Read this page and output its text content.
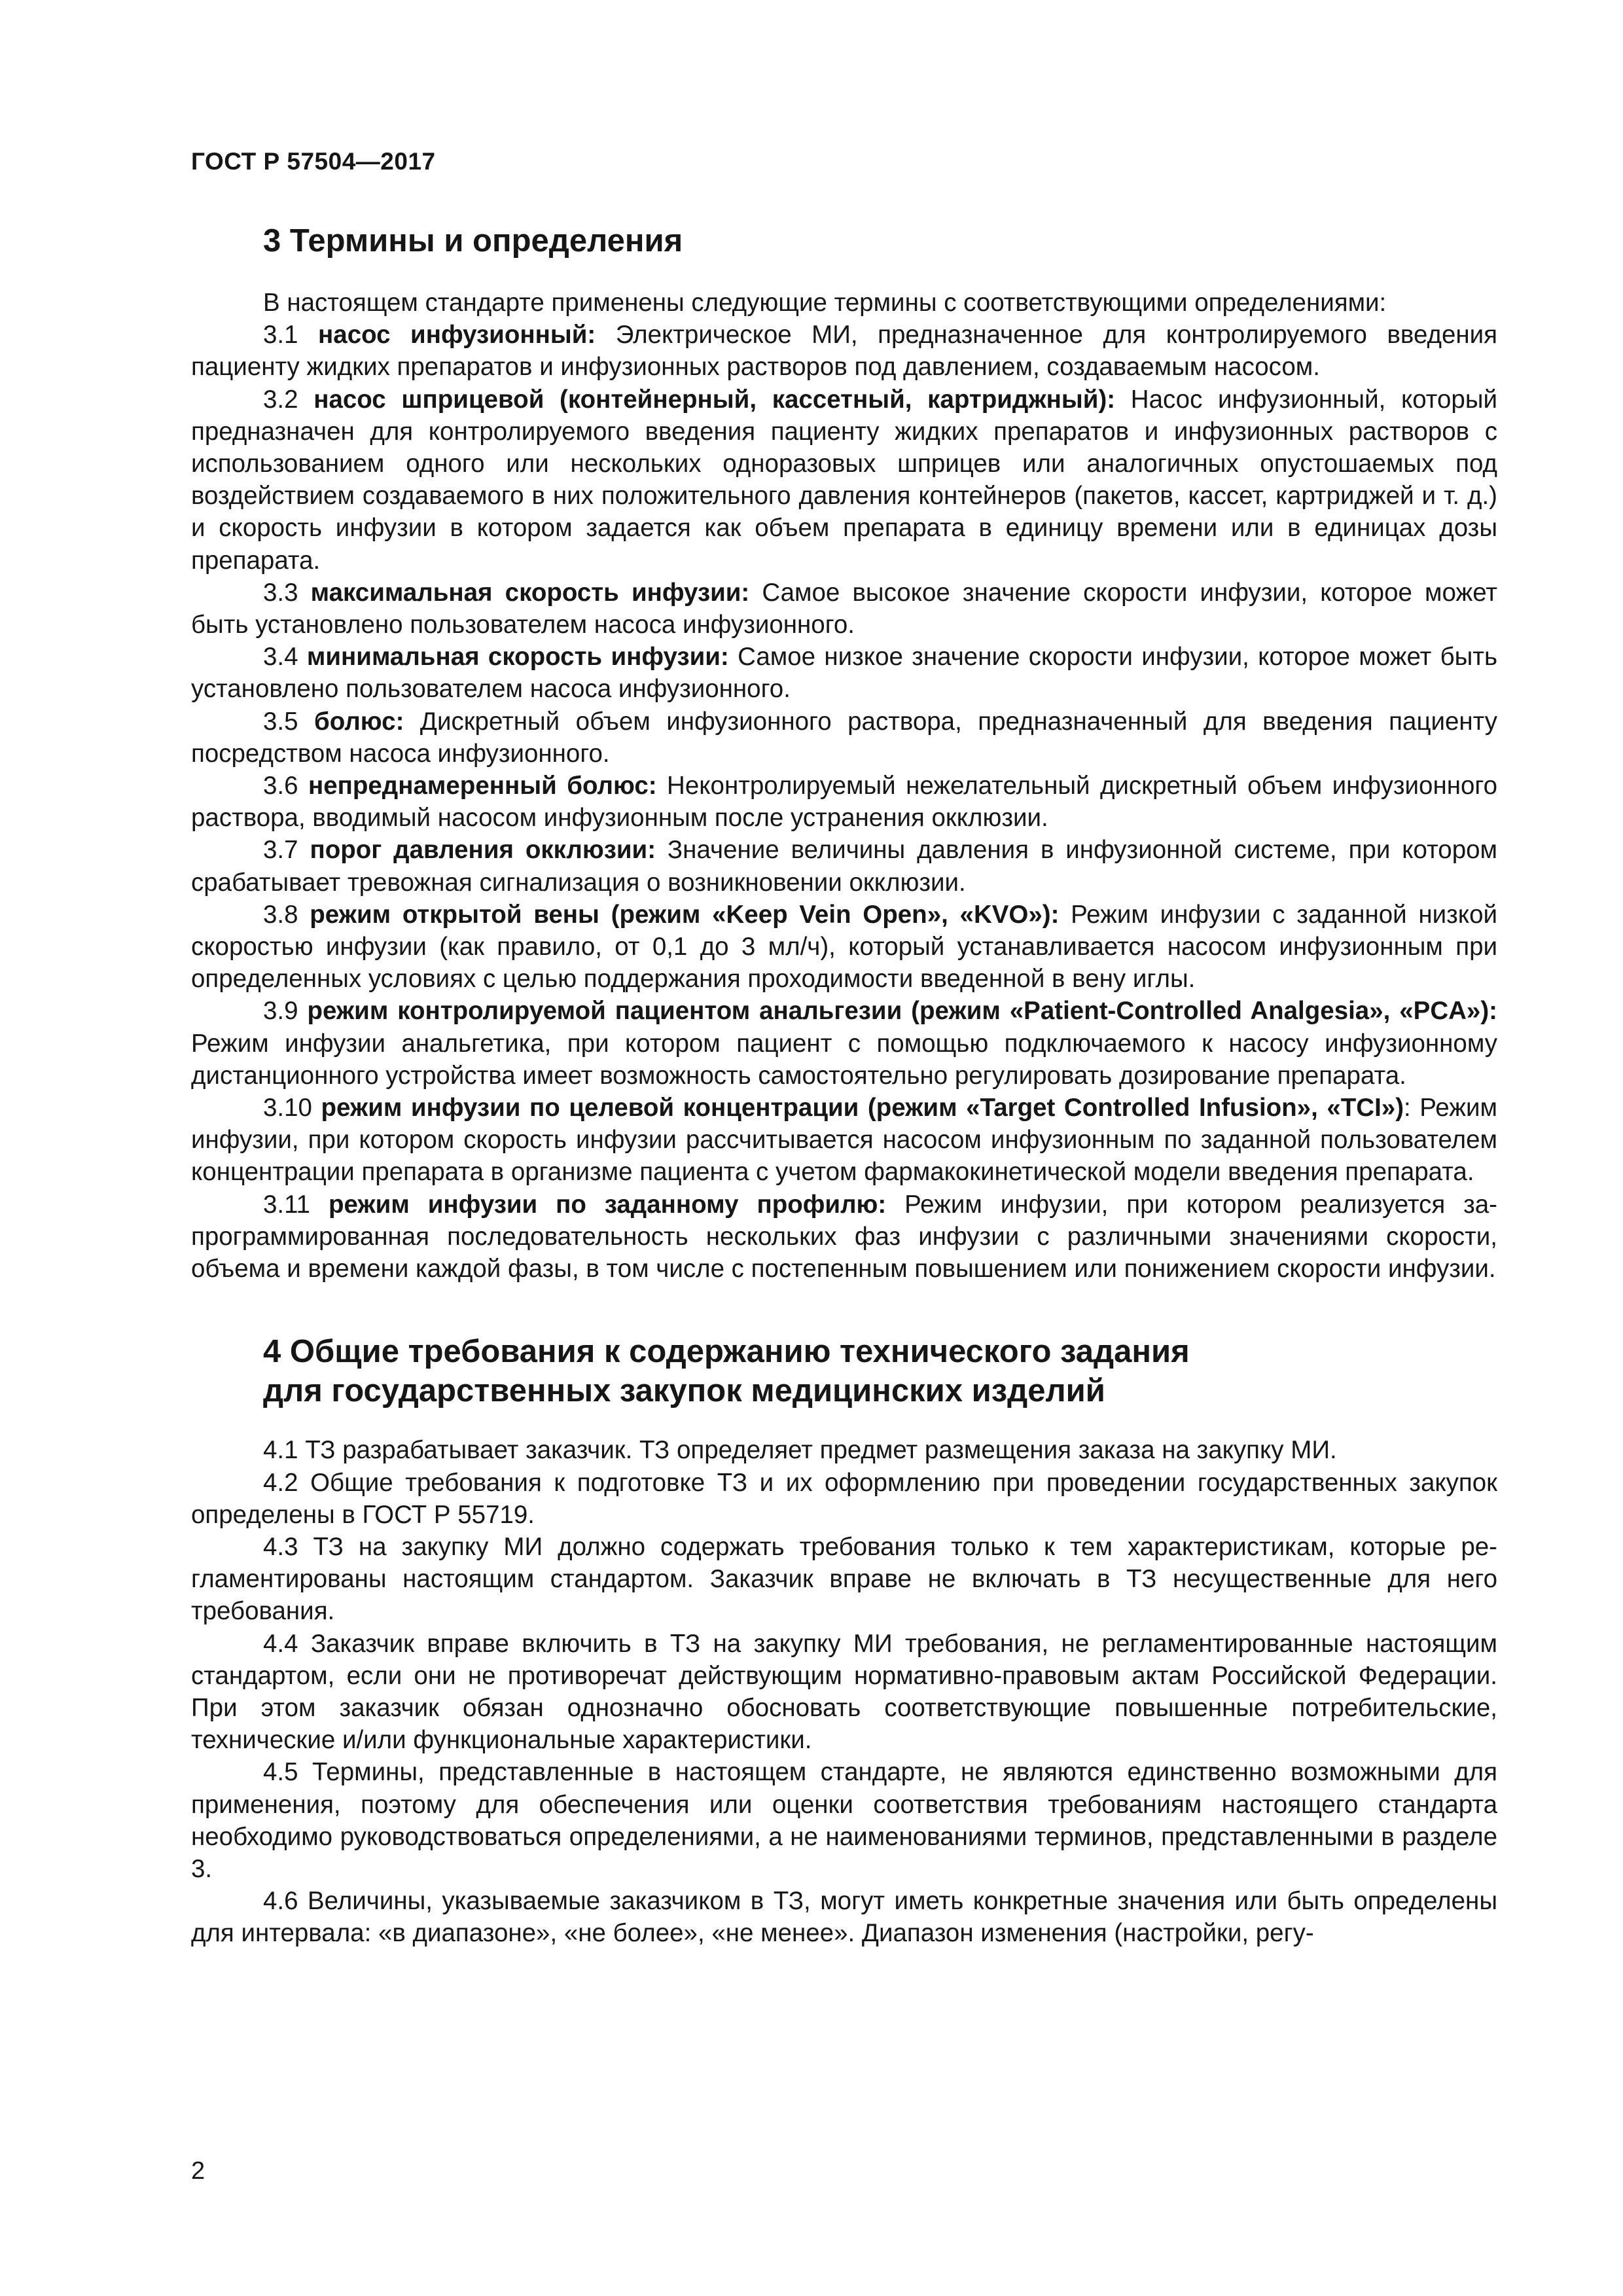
ГОСТ Р 57504—2017

3 Термины и определения

В настоящем стандарте применены следующие термины с соответствующими определениями:

3.1 насос инфузионный: Электрическое МИ, предназначенное для контролируемого введения пациенту жидких препаратов и инфузионных растворов под давлением, создаваемым насосом.

3.2 насос шприцевой (контейнерный, кассетный, картриджный): Насос инфузионный, который предназначен для контролируемого введения пациенту жидких препаратов и инфузионных растворов с использованием одного или нескольких одноразовых шприцев или аналогичных опустошаемых под воздействием создаваемого в них положительного давления контейнеров (пакетов, кассет, картриджей и т. д.) и скорость инфузии в котором задается как объем препарата в единицу времени или в единицах дозы препарата.

3.3 максимальная скорость инфузии: Самое высокое значение скорости инфузии, которое может быть установлено пользователем насоса инфузионного.

3.4 минимальная скорость инфузии: Самое низкое значение скорости инфузии, которое может быть установлено пользователем насоса инфузионного.

3.5 болюс: Дискретный объем инфузионного раствора, предназначенный для введения пациенту посредством насоса инфузионного.

3.6 непреднамеренный болюс: Неконтролируемый нежелательный дискретный объем инфузионного раствора, вводимый насосом инфузионным после устранения окклюзии.

3.7 порог давления окклюзии: Значение величины давления в инфузионной системе, при котором срабатывает тревожная сигнализация о возникновении окклюзии.

3.8 режим открытой вены (режим «Keep Vein Open», «KVO»): Режим инфузии с заданной низкой скоростью инфузии (как правило, от 0,1 до 3 мл/ч), который устанавливается насосом инфузионным при определенных условиях с целью поддержания проходимости введенной в вену иглы.

3.9 режим контролируемой пациентом анальгезии (режим «Patient-Controlled Analgesia», «PCA»): Режим инфузии анальгетика, при котором пациент с помощью подключаемого к насосу инфузионному дистанционного устройства имеет возможность самостоятельно регулировать дозирование препарата.

3.10 режим инфузии по целевой концентрации (режим «Target Controlled Infusion», «TCI»): Режим инфузии, при котором скорость инфузии рассчитывается насосом инфузионным по заданной пользователем концентрации препарата в организме пациента с учетом фармакокинетической модели введения препарата.

3.11 режим инфузии по заданному профилю: Режим инфузии, при котором реализуется запрограммированная последовательность нескольких фаз инфузии с различными значениями скорости, объема и времени каждой фазы, в том числе с постепенным повышением или понижением скорости инфузии.

4 Общие требования к содержанию технического задания
для государственных закупок медицинских изделий

4.1 ТЗ разрабатывает заказчик. ТЗ определяет предмет размещения заказа на закупку МИ.

4.2 Общие требования к подготовке ТЗ и их оформлению при проведении государственных закупок определены в ГОСТ Р 55719.

4.3 ТЗ на закупку МИ должно содержать требования только к тем характеристикам, которые регламентированы настоящим стандартом. Заказчик вправе не включать в ТЗ несущественные для него требования.

4.4 Заказчик вправе включить в ТЗ на закупку МИ требования, не регламентированные настоящим стандартом, если они не противоречат действующим нормативно-правовым актам Российской Федерации. При этом заказчик обязан однозначно обосновать соответствующие повышенные потребительские, технические и/или функциональные характеристики.

4.5 Термины, представленные в настоящем стандарте, не являются единственно возможными для применения, поэтому для обеспечения или оценки соответствия требованиям настоящего стандарта необходимо руководствоваться определениями, а не наименованиями терминов, представленными в разделе 3.

4.6 Величины, указываемые заказчиком в ТЗ, могут иметь конкретные значения или быть определены для интервала: «в диапазоне», «не более», «не менее». Диапазон изменения (настройки, регу-

2
